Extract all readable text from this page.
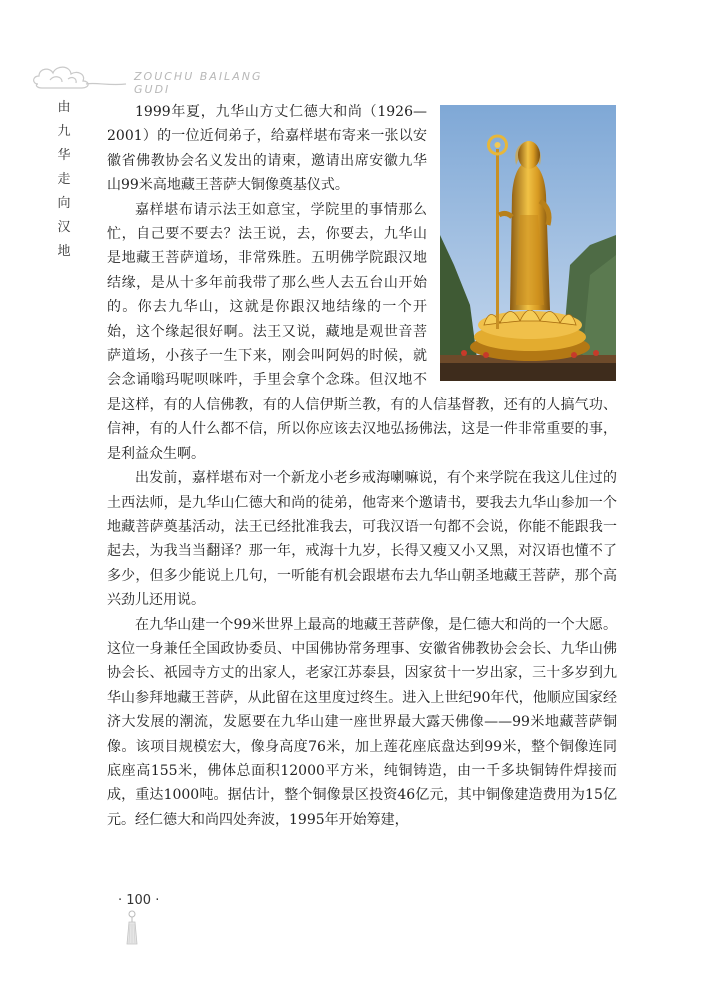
ZOUCHU BAILANG GUDI
由
九
华
走
向
汉
地

1999年夏，九华山方丈仁德大和尚（1926—2001）的一位近伺弟子，给嘉样堪布寄来一张以安徽省佛教协会名义发出的请柬，邀请出席安徽九华山99米高地藏王菩萨大铜像奠基仪式。

嘉样堪布请示法王如意宝，学院里的事情那么忙，自己要不要去？法王说，去，你要去，九华山是地藏王菩萨道场，非常殊胜。五明佛学院跟汉地结缘，是从十多年前我带了那么些人去五台山开始的。你去九华山，这就是你跟汉地结缘的一个开始，这个缘起很好啊。法王又说，藏地是观世音菩萨道场，小孩子一生下来，刚会叫阿妈的时候，就会念诵嗡玛呢呗咪吽，手里会拿个念珠。但汉地不是这样，有的人信佛教，有的人信伊斯兰教，有的人信基督教，还有的人搞气功、信神，有的人什么都不信，所以你应该去汉地弘扬佛法，这是一件非常重要的事，是利益众生啊。

出发前，嘉样堪布对一个新龙小老乡戒海喇嘛说，有个来学院在我这儿住过的土西法师，是九华山仁德大和尚的徒弟，他寄来个邀请书，要我去九华山参加一个地藏菩萨奠基活动，法王已经批准我去，可我汉语一句都不会说，你能不能跟我一起去，为我当当翻译？那一年，戒海十九岁，长得又瘦又小又黑，对汉语也懂不了多少，但多少能说上几句，一听能有机会跟堪布去九华山朝圣地藏王菩萨，那个高兴劲儿还用说。

在九华山建一个99米世界上最高的地藏王菩萨像，是仁德大和尚的一个大愿。这位一身兼任全国政协委员、中国佛协常务理事、安徽省佛教协会会长、九华山佛协会长、祇园寺方丈的出家人，老家江苏泰县，因家贫十一岁出家，三十多岁到九华山参拜地藏王菩萨，从此留在这里度过终生。进入上世纪90年代，他顺应国家经济大发展的潮流，发愿要在九华山建一座世界最大露天佛像——99米地藏菩萨铜像。该项目规模宏大，像身高度76米，加上莲花座底盘达到99米，整个铜像连同底座高155米，佛体总面积12000平方米，纯铜铸造，由一千多块铜铸件焊接而成，重达1000吨。据估计，整个铜像景区投资46亿元，其中铜像建造费用为15亿元。经仁德大和尚四处奔波，1995年开始筹建，

· 100 ·
